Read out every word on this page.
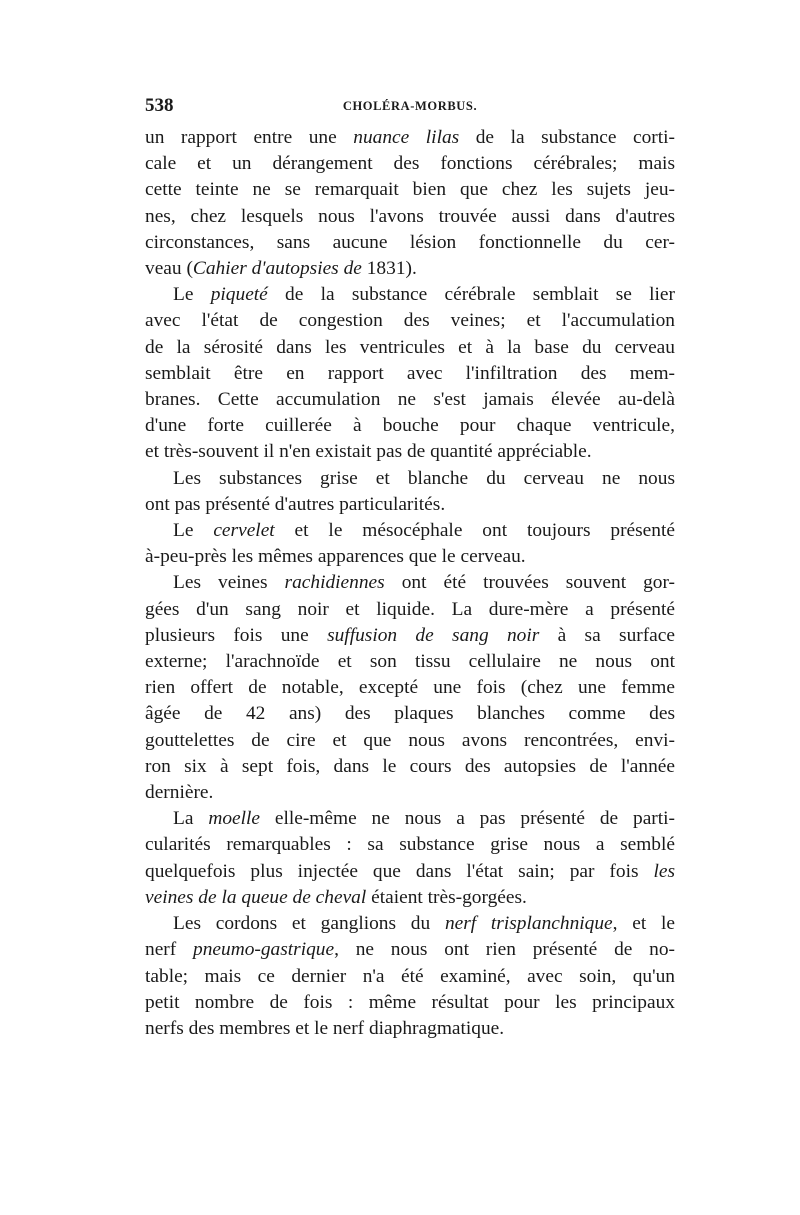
538	CHOLÉRA-MORBUS.
un rapport entre une nuance lilas de la substance corti-
cale et un dérangement des fonctions cérébrales; mais
cette teinte ne se remarquait bien que chez les sujets jeu-
nes, chez lesquels nous l'avons trouvée aussi dans d'autres
circonstances, sans aucune lésion fonctionnelle du cer-
veau (Cahier d'autopsies de 1831).
Le piqueté de la substance cérébrale semblait se lier
avec l'état de congestion des veines; et l'accumulation
de la sérosité dans les ventricules et à la base du cerveau
semblait être en rapport avec l'infiltration des mem-
branes. Cette accumulation ne s'est jamais élevée au-delà
d'une forte cuillerée à bouche pour chaque ventricule,
et très-souvent il n'en existait pas de quantité appréciable.
Les substances grise et blanche du cerveau ne nous
ont pas présenté d'autres particularités.
Le cervelet et le mésocéphale ont toujours présenté
à-peu-près les mêmes apparences que le cerveau.
Les veines rachidiennes ont été trouvées souvent gor-
gées d'un sang noir et liquide. La dure-mère a présenté
plusieurs fois une suffusion de sang noir à sa surface
externe; l'arachnoïde et son tissu cellulaire ne nous ont
rien offert de notable, excepté une fois (chez une femme
âgée de 42 ans) des plaques blanches comme des
gouttelettes de cire et que nous avons rencontrées, envi-
ron six à sept fois, dans le cours des autopsies de l'année
dernière.
La moelle elle-même ne nous a pas présenté de parti-
cularités remarquables : sa substance grise nous a semblé
quelquefois plus injectée que dans l'état sain; par fois les
veines de la queue de cheval étaient très-gorgées.
Les cordons et ganglions du nerf trisplanchnique, et le
nerf pneumo-gastrique, ne nous ont rien présenté de no-
table; mais ce dernier n'a été examiné, avec soin, qu'un
petit nombre de fois : même résultat pour les principaux
nerfs des membres et le nerf diaphragmatique.
